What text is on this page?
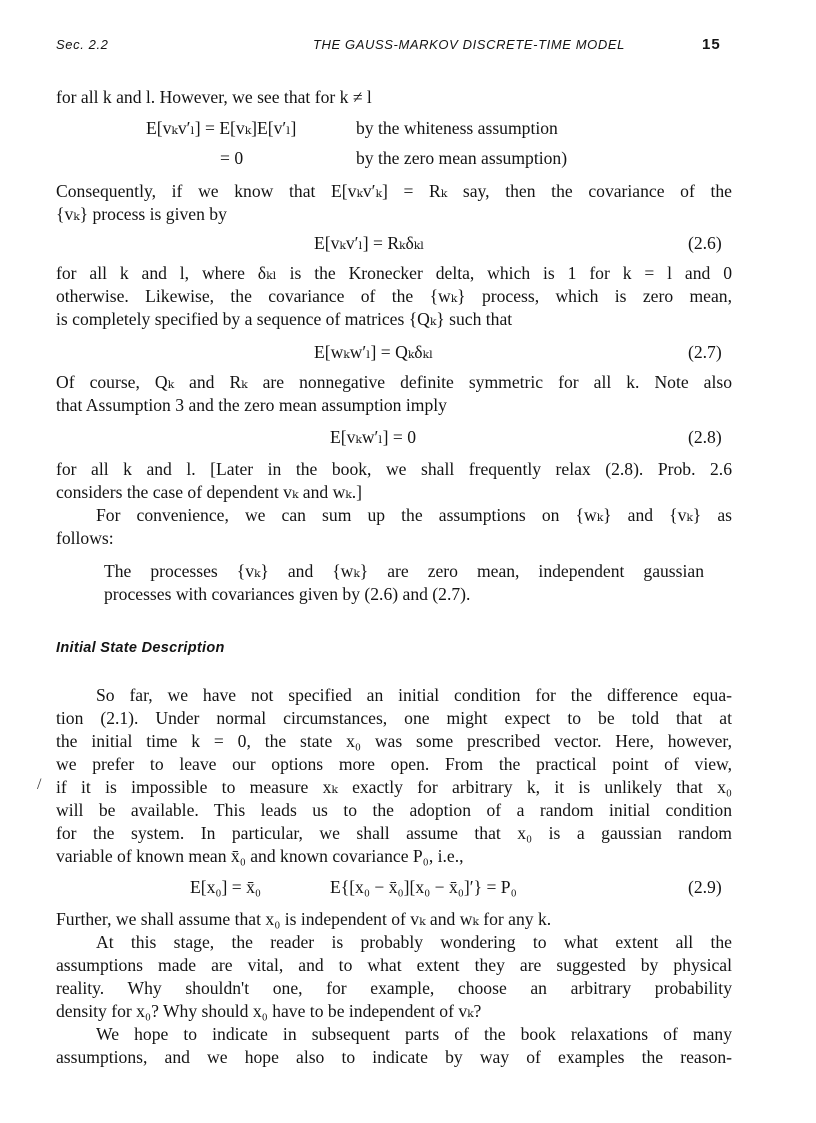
Sec. 2.2	THE GAUSS-MARKOV DISCRETE-TIME MODEL	15
for all k and l. However, we see that for k ≠ l
E[vₖv′ₗ] = E[vₖ]E[v′ₗ]	by the whiteness assumption
= 0	by the zero mean assumption)
Consequently, if we know that E[vₖv′ₖ] = Rₖ say, then the covariance of the
{vₖ} process is given by
E[vₖv′ₗ] = Rₖδₖₗ	(2.6)
for all k and l, where δₖₗ is the Kronecker delta, which is 1 for k = l and 0
otherwise. Likewise, the covariance of the {wₖ} process, which is zero mean,
is completely specified by a sequence of matrices {Qₖ} such that
E[wₖw′ₗ] = Qₖδₖₗ	(2.7)
Of course, Qₖ and Rₖ are nonnegative definite symmetric for all k. Note also
that Assumption 3 and the zero mean assumption imply
E[vₖw′ₗ] = 0	(2.8)
for all k and l. [Later in the book, we shall frequently relax (2.8). Prob. 2.6
considers the case of dependent vₖ and wₖ.]
For convenience, we can sum up the assumptions on {wₖ} and {vₖ} as
follows:
The processes {vₖ} and {wₖ} are zero mean, independent gaussian
processes with covariances given by (2.6) and (2.7).
Initial State Description
So far, we have not specified an initial condition for the difference equa-
tion (2.1). Under normal circumstances, one might expect to be told that at
the initial time k = 0, the state x₀ was some prescribed vector. Here, however,
we prefer to leave our options more open. From the practical point of view,
if it is impossible to measure xₖ exactly for arbitrary k, it is unlikely that x₀
will be available. This leads us to the adoption of a random initial condition
for the system. In particular, we shall assume that x₀ is a gaussian random
variable of known mean x̄₀ and known covariance P₀, i.e.,
E[x₀] = x̄₀	E{[x₀ − x̄₀][x₀ − x̄₀]′} = P₀	(2.9)
Further, we shall assume that x₀ is independent of vₖ and wₖ for any k.
At this stage, the reader is probably wondering to what extent all the
assumptions made are vital, and to what extent they are suggested by physical
reality. Why shouldn't one, for example, choose an arbitrary probability
density for x₀? Why should x₀ have to be independent of vₖ?
We hope to indicate in subsequent parts of the book relaxations of many
assumptions, and we hope also to indicate by way of examples the reason-
/
